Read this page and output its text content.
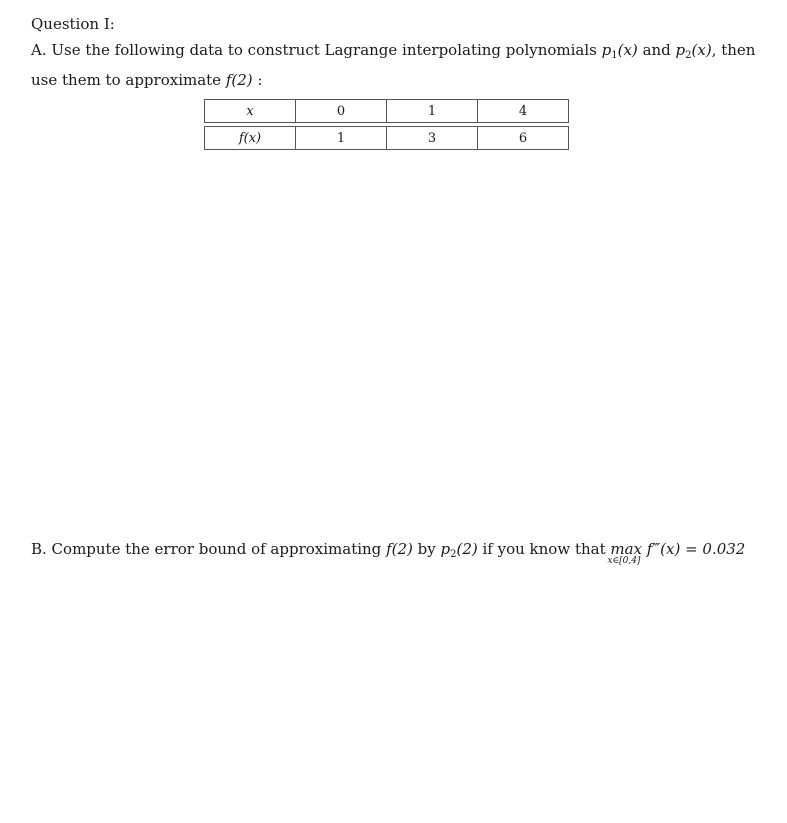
Question I:
A. Use the following data to construct Lagrange interpolating polynomials $p_1(x)$ and $p_2(x)$, then use them to approximate f(2) :
x	0	1	4
f(x)	1	3	6
B. Compute the error bound of approximating f(2) by $p_2(2)$ if you know that max
x∈[0,4]
f‴(x) = 0.032
